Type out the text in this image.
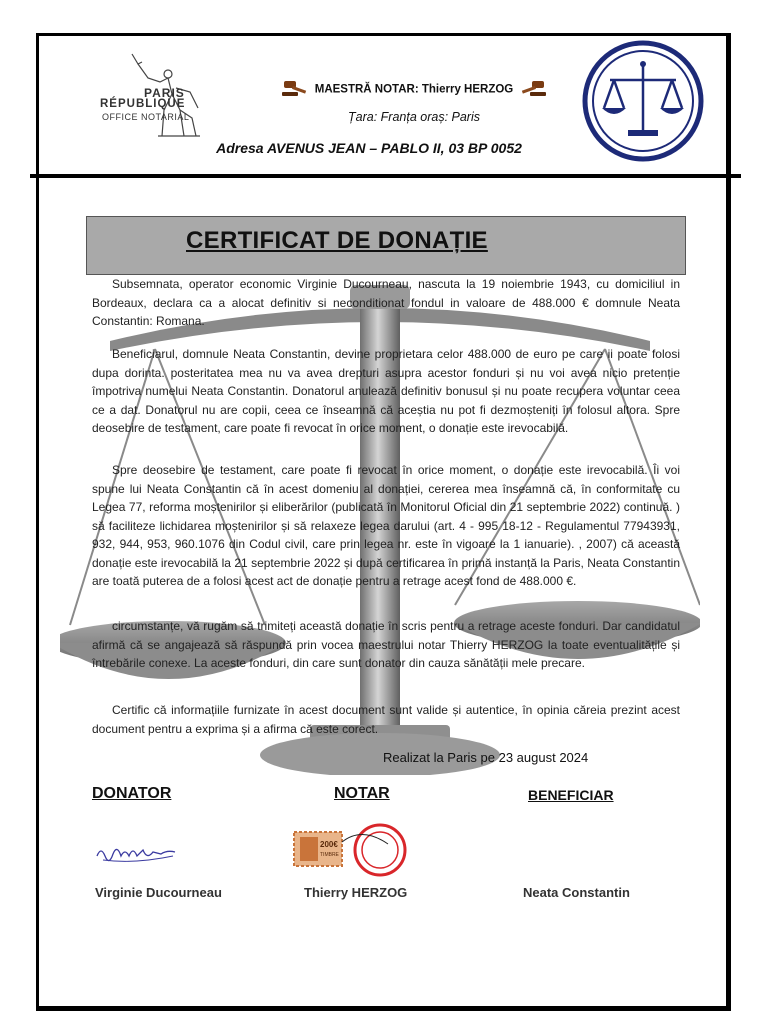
PARIS
RÉPUBLIQUE
OFFICE NOTARIAL
MAESTRĂ NOTAR: Thierry HERZOG
Țara: Franța oraș: Paris
Adresa AVENUS JEAN – PABLO II, 03 BP 0052
CERTIFICAT DE DONAȚIE
Subsemnata, operator economic Virginie Ducourneau, nascuta la 19 noiembrie 1943, cu domiciliul in Bordeaux, declara ca a alocat definitiv si neconditionat fondul in valoare de 488.000 € domnule Neata Constantin: Romana.
Beneficiarul, domnule Neata Constantin, devine proprietara celor 488.000 de euro pe care ii poate folosi dupa dorinta. posteritatea mea nu va avea drepturi asupra acestor fonduri și nu voi avea nicio pretenție împotriva numelui Neata Constantin. Donatorul anulează definitiv bonusul și nu poate recupera voluntar ceea ce a dat. Donatorul nu are copii, ceea ce înseamnă că aceștia nu pot fi dezmoșteniți în folosul altora. Spre deosebire de testament, care poate fi revocat în orice moment, o donație este irevocabilă.
Spre deosebire de testament, care poate fi revocat în orice moment, o donație este irevocabilă. Îi voi spune lui Neata Constantin că în acest domeniu al donației, cererea mea înseamnă că, în conformitate cu Legea 77, reforma moștenirilor și eliberărilor (publicată în Monitorul Oficial din 21 septembrie 2022) continuă. ) să faciliteze lichidarea moștenirilor și să relaxeze legea darului (art. 4 - 995 18-12 - Regulamentul 77943931, 932, 944, 953, 960.1076 din Codul civil, care prin legea nr. este în vigoare la 1 ianuarie). , 2007) că această donație este irevocabilă la 21 septembrie 2022 și după certificarea în primă instanță la Paris, Neata Constantin are toată puterea de a folosi acest act de donație pentru a retrage acest fond de 488.000 €.
circumstanțe, vă rugăm să trimiteți această donație în scris pentru a retrage aceste fonduri. Dar candidatul afirmă că se angajează să răspundă prin vocea maestrului notar Thierry HERZOG la toate eventualitățile și întrebările conexe. La aceste fonduri, din care sunt donator din cauza sănătății mele precare.
Certific că informațiile furnizate în acest document sunt valide și autentice, în opinia căreia prezint acest document pentru a exprima și a afirma că este corect.
Realizat la Paris pe 23 august 2024
DONATOR	NOTAR	BENEFICIAR
200€
TIMBRE
Virginie Ducourneau	Thierry HERZOG	Neata Constantin
